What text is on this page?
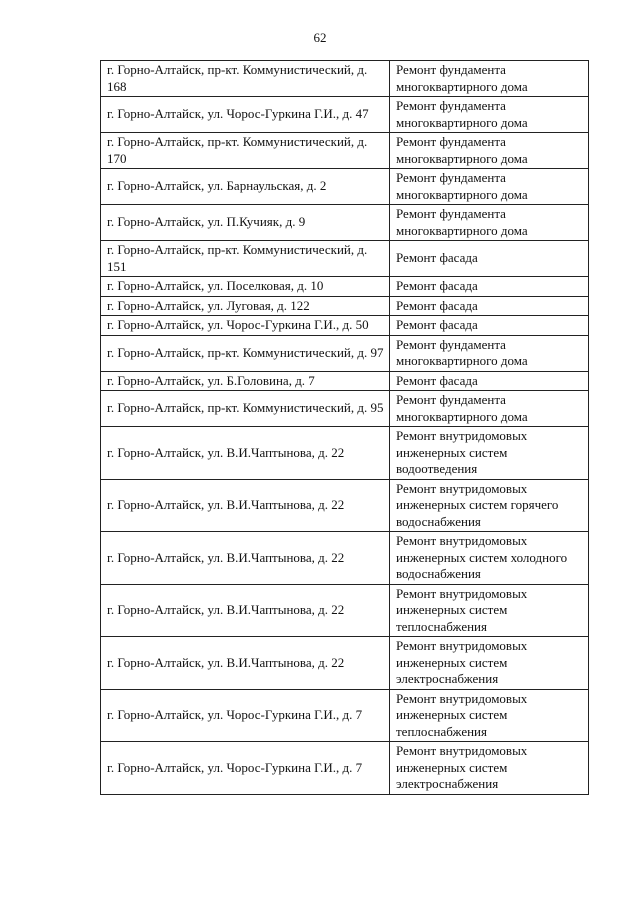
62
г. Горно-Алтайск, пр-кт. Коммунистический, д. 168	Ремонт фундамента многоквартирного дома
г. Горно-Алтайск, ул. Чорос-Гуркина Г.И., д. 47	Ремонт фундамента многоквартирного дома
г. Горно-Алтайск, пр-кт. Коммунистический, д. 170	Ремонт фундамента многоквартирного дома
г. Горно-Алтайск, ул. Барнаульская, д. 2	Ремонт фундамента многоквартирного дома
г. Горно-Алтайск, ул. П.Кучияк, д. 9	Ремонт фундамента многоквартирного дома
г. Горно-Алтайск, пр-кт. Коммунистический, д. 151	Ремонт фасада
г. Горно-Алтайск, ул. Поселковая, д. 10	Ремонт фасада
г. Горно-Алтайск, ул. Луговая, д. 122	Ремонт фасада
г. Горно-Алтайск, ул. Чорос-Гуркина Г.И., д. 50	Ремонт фасада
г. Горно-Алтайск, пр-кт. Коммунистический, д. 97	Ремонт фундамента многоквартирного дома
г. Горно-Алтайск, ул. Б.Головина, д. 7	Ремонт фасада
г. Горно-Алтайск, пр-кт. Коммунистический, д. 95	Ремонт фундамента многоквартирного дома
г. Горно-Алтайск, ул. В.И.Чаптынова, д. 22	Ремонт внутридомовых инженерных систем водоотведения
г. Горно-Алтайск, ул. В.И.Чаптынова, д. 22	Ремонт внутридомовых инженерных систем горячего водоснабжения
г. Горно-Алтайск, ул. В.И.Чаптынова, д. 22	Ремонт внутридомовых инженерных систем холодного водоснабжения
г. Горно-Алтайск, ул. В.И.Чаптынова, д. 22	Ремонт внутридомовых инженерных систем теплоснабжения
г. Горно-Алтайск, ул. В.И.Чаптынова, д. 22	Ремонт внутридомовых инженерных систем электроснабжения
г. Горно-Алтайск, ул. Чорос-Гуркина Г.И., д. 7	Ремонт внутридомовых инженерных систем теплоснабжения
г. Горно-Алтайск, ул. Чорос-Гуркина Г.И., д. 7	Ремонт внутридомовых инженерных систем электроснабжения
